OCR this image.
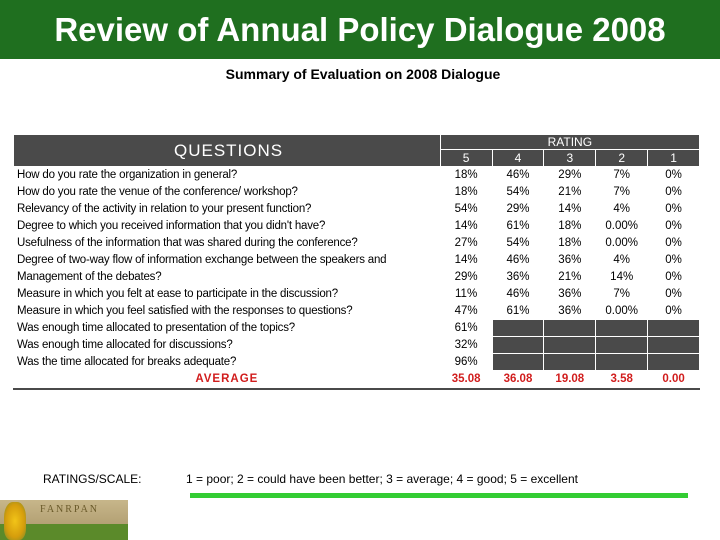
Review of Annual Policy Dialogue 2008
Summary of Evaluation on 2008 Dialogue
QUESTIONS	RATING				
	5	4	3	2	1
How do you rate the organization in general?	18%	46%	29%	7%	0%
How do you rate the venue of the conference/ workshop?	18%	54%	21%	7%	0%
Relevancy of the activity in relation to your present function?	54%	29%	14%	4%	0%
Degree to which you received information that you didn't have?	14%	61%	18%	0.00%	0%
Usefulness of the information that was shared during the conference?	27%	54%	18%	0.00%	0%
Degree of two-way flow of information exchange between the speakers and	14%	46%	36%	4%	0%
Management of the debates?	29%	36%	21%	14%	0%
Measure in which you felt at ease to participate in the discussion?	11%	46%	36%	7%	0%
Measure in which you feel satisfied with the responses to questions?	47%	61%	36%	0.00%	0%
Was enough time allocated to presentation of the topics?	61%				
Was enough time allocated for discussions?	32%				
Was the time allocated for breaks adequate?	96%				
AVERAGE	35.08	36.08	19.08	3.58	0.00
RATINGS/SCALE:	1 = poor; 2 = could have been better; 3 = average; 4 = good; 5 = excellent
FANRPAN
